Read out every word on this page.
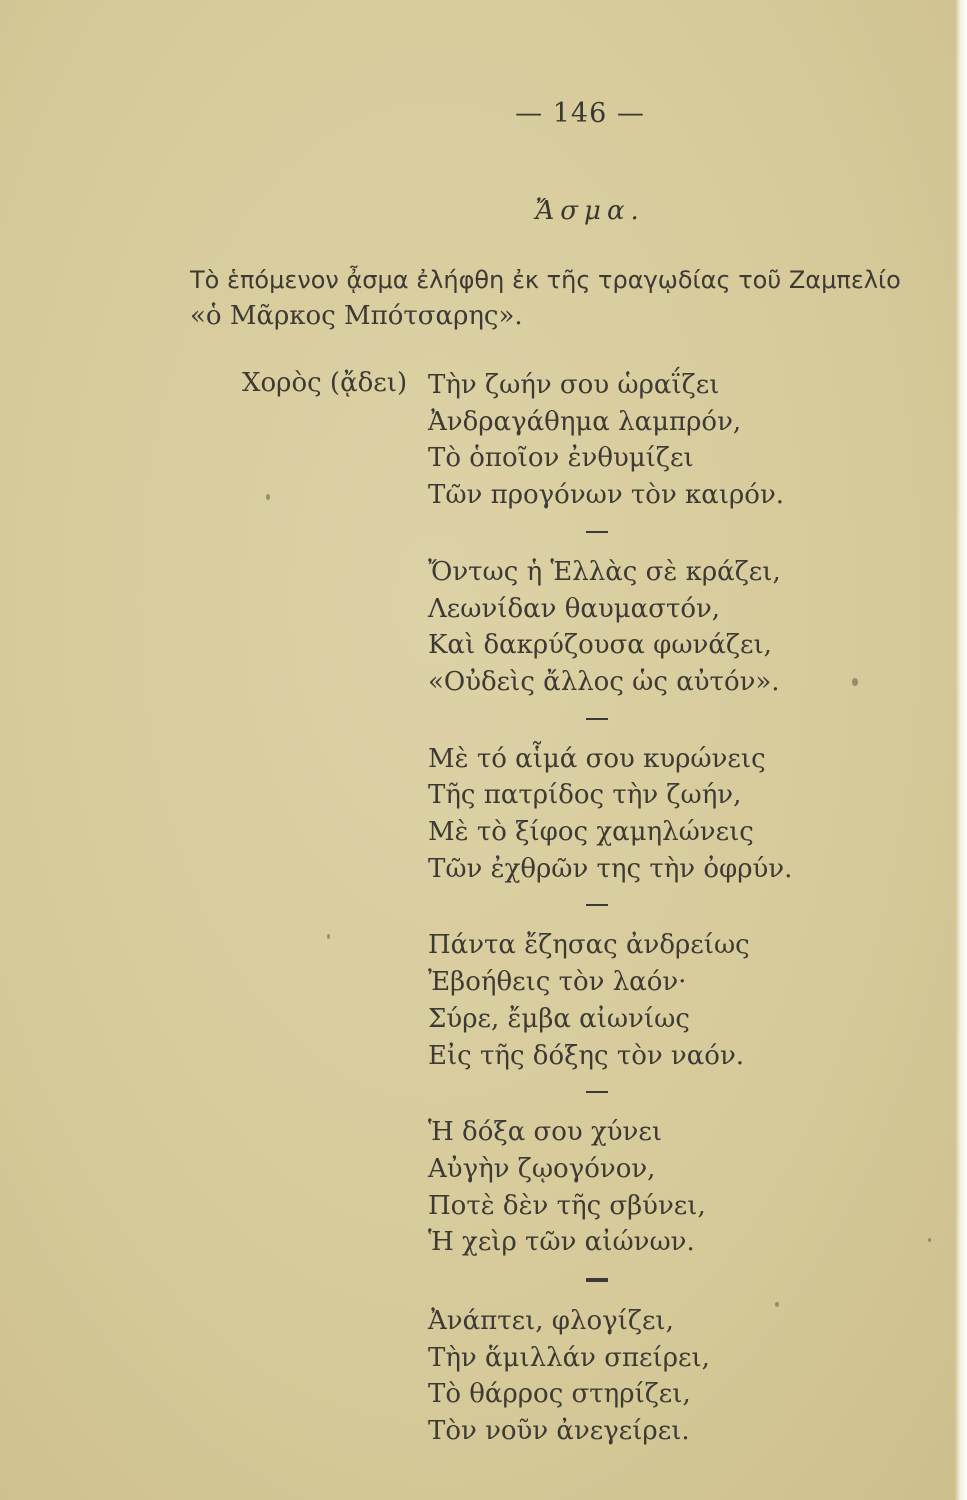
— 146 —
Ἄσμα.
Τὸ ἑπόμενον ᾆσμα ἐλήφθη ἐκ τῆς τραγῳδίας τοῦ Ζαμπελίο
«ὁ Μᾶρκος Μπότσαρης».
Χορὸς (ᾄδει) Τὴν ζωήν σου ὡραΐζει
Ἀνδραγάθημα λαμπρόν,
Τὸ ὁποῖον ἐνθυμίζει
Τῶν προγόνων τὸν καιρόν.
Ὄντως ἡ Ἑλλὰς σὲ κράζει,
Λεωνίδαν θαυμαστόν,
Καὶ δακρύζουσα φωνάζει,
«Οὐδεὶς ἄλλος ὡς αὐτόν».
Μὲ τό αἷμά σου κυρώνεις
Τῆς πατρίδος τὴν ζωήν,
Μὲ τὸ ξίφος χαμηλώνεις
Τῶν ἐχθρῶν της τὴν ὀφρύν.
Πάντα ἔζησας ἀνδρείως
Ἐβοήθεις τὸν λαόν·
Σύρε, ἔμβα αἰωνίως
Εἰς τῆς δόξης τὸν ναόν.
Ἡ δόξα σου χύνει
Αὐγὴν ζῳογόνον,
Ποτὲ δὲν τῆς σβύνει,
Ἡ χεὶρ τῶν αἰώνων.
Ἀνάπτει, φλογίζει,
Τὴν ἅμιλλάν σπείρει,
Τὸ θάρρος στηρίζει,
Τὸν νοῦν ἀνεγείρει.
